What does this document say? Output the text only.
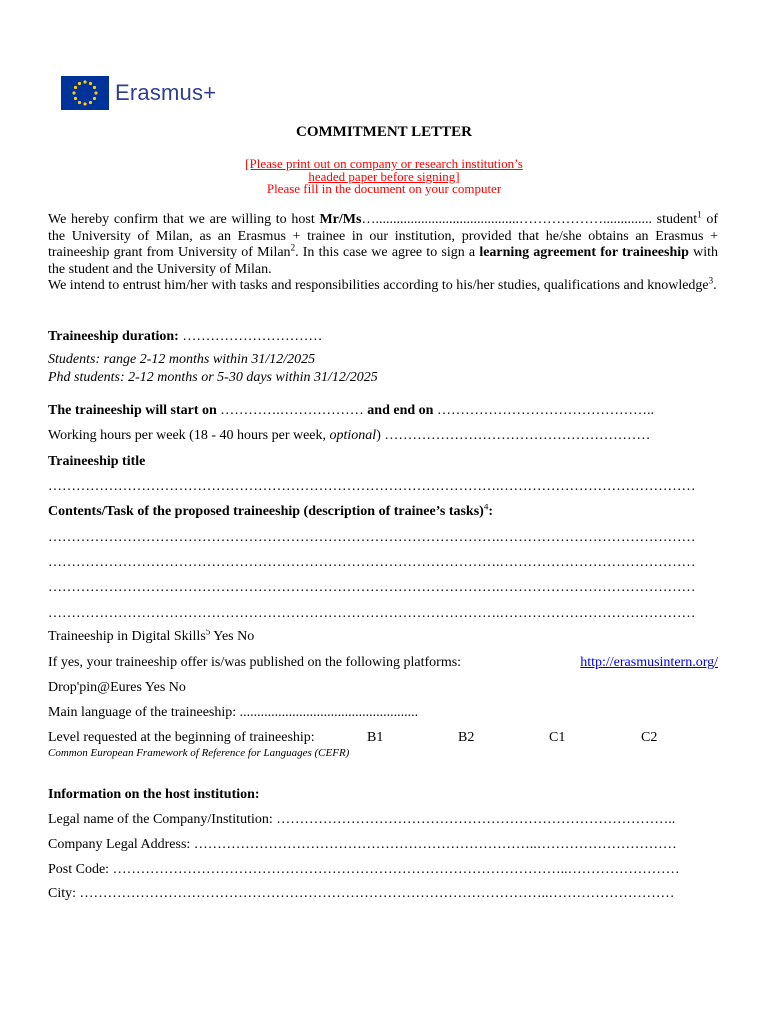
Erasmus+
COMMITMENT LETTER
[Please print out on company or research institution’s
headed paper before signing]
Please fill in the document on your computer
We hereby confirm that we are willing to host Mr/Ms….........................................……………….............. student$^1$ of the University of Milan, as an Erasmus + trainee in our institution, provided that he/she obtains an Erasmus + traineeship grant from University of Milan$^2$. In this case we agree to sign a learning agreement for traineeship with the student and the University of Milan.
We intend to entrust him/her with tasks and responsibilities according to his/her studies, qualifications and knowledge$^3$.
Traineeship duration: …………………………
Students: range 2-12 months within 31/12/2025
Phd students: 2-12 months or 5-30 days within 31/12/2025
The traineeship will start on ………….……………… and end on ………………………………………..
Working hours per week (18 - 40 hours per week, optional) …………………………………………………
Traineeship title
…………………………………………………………………………………….……………………………………
Contents/Task of the proposed traineeship (description of trainee’s tasks)$^4$:
…………………………………………………………………………………….……………………………………
…………………………………………………………………………………….……………………………………
…………………………………………………………………………………….……………………………………
…………………………………………………………………………………….……………………………………
Traineeship in Digital Skills$^5$ Yes No
If yes, your traineeship offer is/was published on the following platforms:	http://erasmusintern.org/
Drop'pin@Eures Yes No
Main language of the traineeship: ...................................................
Level requested at the beginning of traineeship:	B1	B2	C1	C2
Common European Framework of Reference for Languages (CEFR)
Information on the host institution:
Legal name of the Company/Institution: …………………………………………………………………………..
Company Legal Address: ………………………………………………………………..…………………………
Post Code: ……………………………………………………………………………………..……………………
City: ………………………………………………………………………………………..………………………
